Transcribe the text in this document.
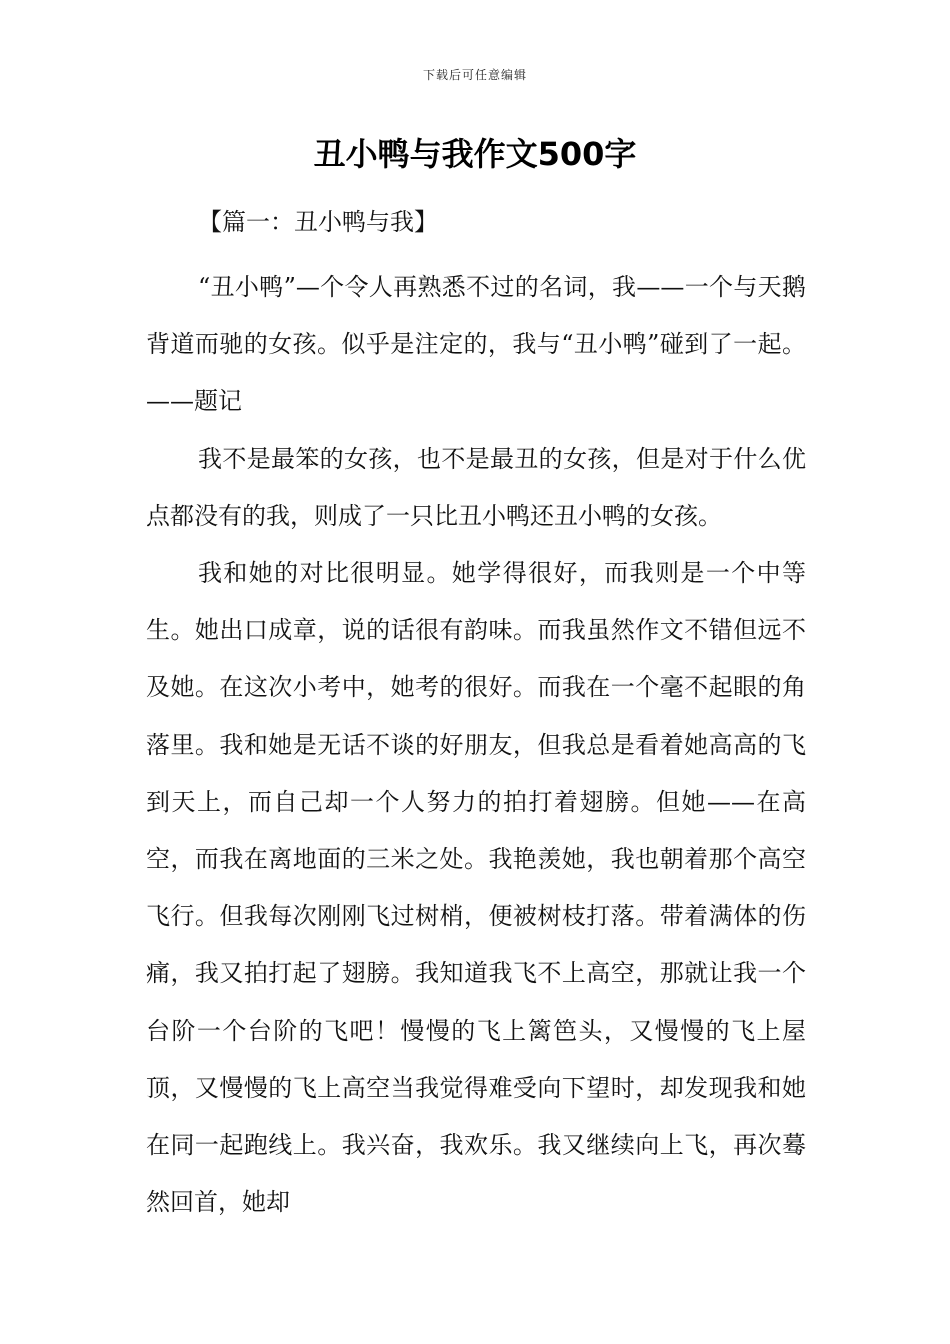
下载后可任意编辑
丑小鸭与我作文500字
【篇一：丑小鸭与我】

“丑小鸭”—个令人再熟悉不过的名词，我——一个与天鹅背道而驰的女孩。似乎是注定的，我与“丑小鸭”碰到了一起。——题记

我不是最笨的女孩，也不是最丑的女孩，但是对于什么优点都没有的我，则成了一只比丑小鸭还丑小鸭的女孩。

我和她的对比很明显。她学得很好，而我则是一个中等生。她出口成章，说的话很有韵味。而我虽然作文不错但远不及她。在这次小考中，她考的很好。而我在一个毫不起眼的角落里。我和她是无话不谈的好朋友，但我总是看着她高高的飞到天上，而自己却一个人努力的拍打着翅膀。但她——在高空，而我在离地面的三米之处。我艳羡她，我也朝着那个高空飞行。但我每次刚刚飞过树梢，便被树枝打落。带着满体的伤痛，我又拍打起了翅膀。我知道我飞不上高空，那就让我一个台阶一个台阶的飞吧！慢慢的飞上篱笆头，又慢慢的飞上屋顶，又慢慢的飞上高空当我觉得难受向下望时，却发现我和她在同一起跑线上。我兴奋，我欢乐。我又继续向上飞，再次蓦然回首，她却
